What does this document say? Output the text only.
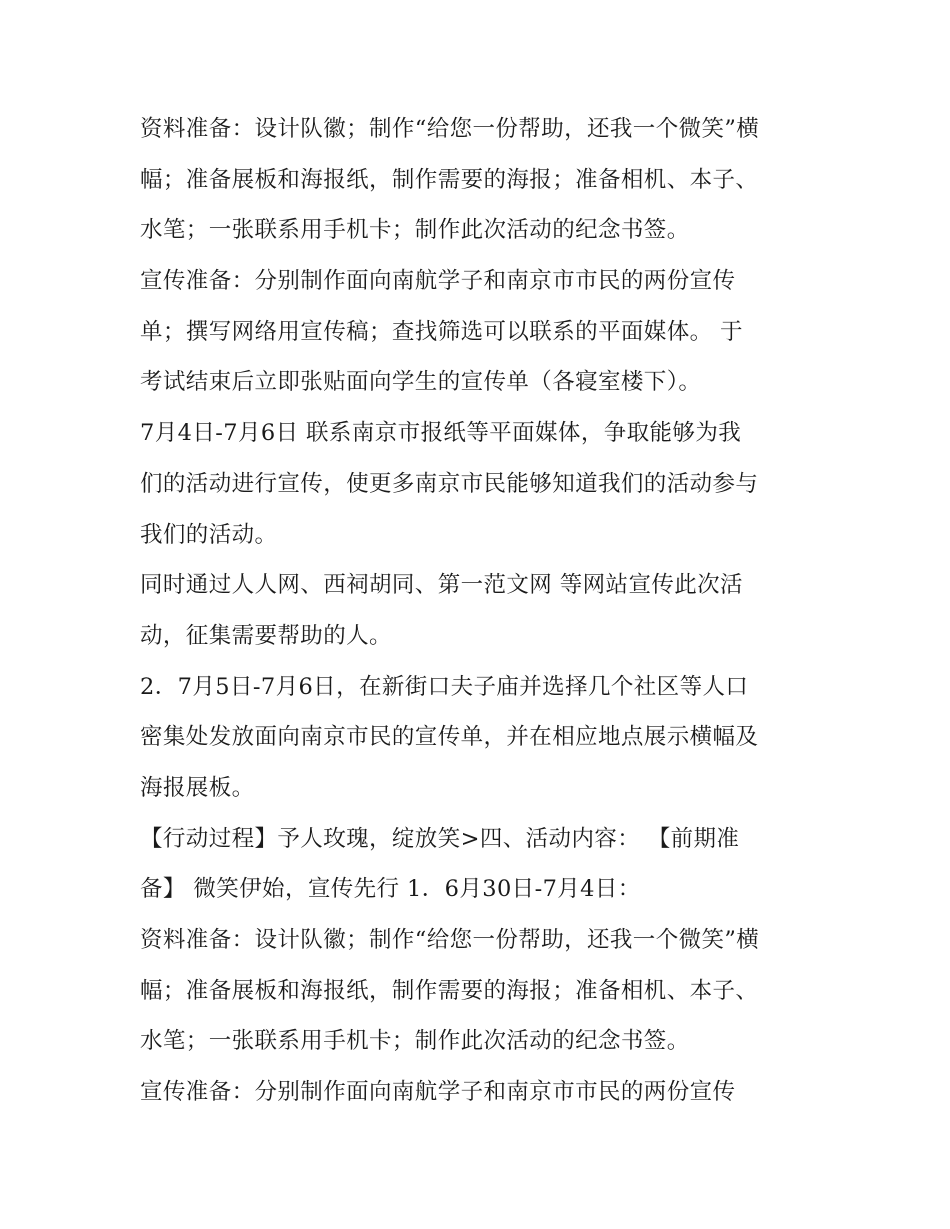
资料准备：设计队徽；制作“给您一份帮助，还我一个微笑”横
幅；准备展板和海报纸，制作需要的海报；准备相机、本子、
水笔；一张联系用手机卡；制作此次活动的纪念书签。
宣传准备：分别制作面向南航学子和南京市市民的两份宣传
单；撰写网络用宣传稿；查找筛选可以联系的平面媒体。 于
考试结束后立即张贴面向学生的宣传单（各寝室楼下）。
7月4日-7月6日 联系南京市报纸等平面媒体，争取能够为我
们的活动进行宣传，使更多南京市民能够知道我们的活动参与
我们的活动。
同时通过人人网、西祠胡同、第一范文网 等网站宣传此次活
动，征集需要帮助的人。
2．7月5日-7月6日，在新街口夫子庙并选择几个社区等人口
密集处发放面向南京市民的宣传单，并在相应地点展示横幅及
海报展板。
【行动过程】予人玫瑰，绽放笑>四、活动内容： 【前期准
备】 微笑伊始，宣传先行 1．6月30日-7月4日：
资料准备：设计队徽；制作“给您一份帮助，还我一个微笑”横
幅；准备展板和海报纸，制作需要的海报；准备相机、本子、
水笔；一张联系用手机卡；制作此次活动的纪念书签。
宣传准备：分别制作面向南航学子和南京市市民的两份宣传
